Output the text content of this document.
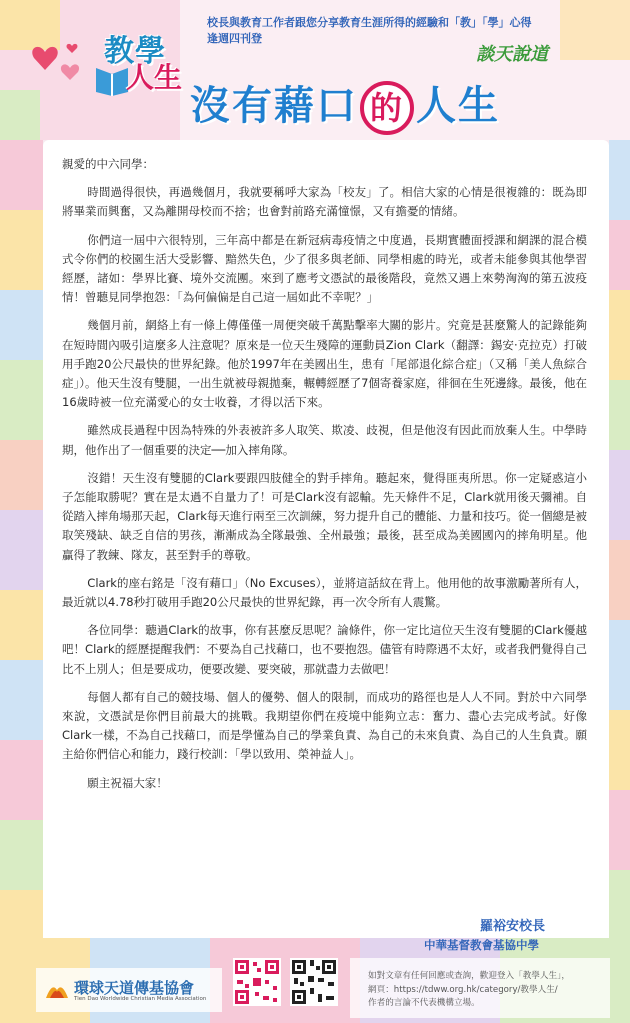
教學
人生
校長與教育工作者跟您分享教育生涯所得的經驗和「教」「學」心得
逢週四刊登
談天說道
沒有藉口 的 人生

親愛的中六同學：

時間過得很快，再過幾個月，我就要稱呼大家為「校友」了。相信大家的心情是很複雜的：既為即將畢業而興奮，又為離開母校而不捨；也會對前路充滿憧憬，又有擔憂的情緒。

你們這一屆中六很特別，三年高中都是在新冠病毒疫情之中度過，長期實體面授課和網課的混合模式令你們的校園生活大受影響、黯然失色，少了很多與老師、同學相處的時光，或者未能參與其他學習經歷，諸如：學界比賽、境外交流團。來到了應考文憑試的最後階段，竟然又遇上來勢洶洶的第五波疫情！曾聽見同學抱怨：「為何偏偏是自己這一屆如此不幸呢？」

幾個月前，網絡上有一條上傳僅僅一周便突破千萬點擊率大關的影片。究竟是甚麼驚人的記錄能夠在短時間內吸引這麼多人注意呢？原來是一位天生殘障的運動員Zion Clark（翻譯：錫安·克拉克）打破用手跑20公尺最快的世界紀錄。他於1997年在美國出生，患有「尾部退化綜合症」（又稱「美人魚綜合症」）。他天生沒有雙腿，一出生就被母親拋棄，輾轉經歷了7個寄養家庭，徘徊在生死邊緣。最後，他在16歲時被一位充滿愛心的女士收養，才得以活下來。

雖然成長過程中因為特殊的外表被許多人取笑、欺凌、歧視，但是他沒有因此而放棄人生。中學時期，他作出了一個重要的決定──加入摔角隊。

沒錯！天生沒有雙腿的Clark要跟四肢健全的對手摔角。聽起來，覺得匪夷所思。你一定疑惑這小子怎能取勝呢？實在是太過不自量力了！可是Clark沒有認輸。先天條件不足，Clark就用後天彌補。自從踏入摔角場那天起，Clark每天進行兩至三次訓練，努力提升自己的體能、力量和技巧。從一個總是被取笑殘缺、缺乏自信的男孩，漸漸成為全隊最強、全州最強；最後，甚至成為美國國內的摔角明星。他贏得了教練、隊友，甚至對手的尊敬。

Clark的座右銘是「沒有藉口」（No Excuses），並將這話紋在背上。他用他的故事激勵著所有人，最近就以4.78秒打破用手跑20公尺最快的世界紀錄，再一次令所有人震驚。

各位同學：聽過Clark的故事，你有甚麼反思呢？論條件，你一定比這位天生沒有雙腿的Clark優越吧！Clark的經歷提醒我們：不要為自己找藉口，也不要抱怨。儘管有時際遇不太好，或者我們覺得自己比不上別人；但是要成功，便要改變、要突破，那就盡力去做吧！

每個人都有自己的競技場、個人的優勢、個人的限制，而成功的路徑也是人人不同。對於中六同學來說，文憑試是你們目前最大的挑戰。我期望你們在疫境中能夠立志：奮力、盡心去完成考試。好像Clark一樣，不為自己找藉口，而是學懂為自己的學業負責、為自己的未來負責、為自己的人生負責。願主給你們信心和能力，踐行校訓：「學以致用、榮神益人」。

願主祝福大家！

羅裕安校長
中華基督教會基協中學
環球天道傳基協會
Tien Dao Worldwide Christian Media Association
如對文章有任何回應或查詢，歡迎登入「教學人生」，
網頁：https://tdww.org.hk/category/教學人生/
作者的言論不代表機構立場。
